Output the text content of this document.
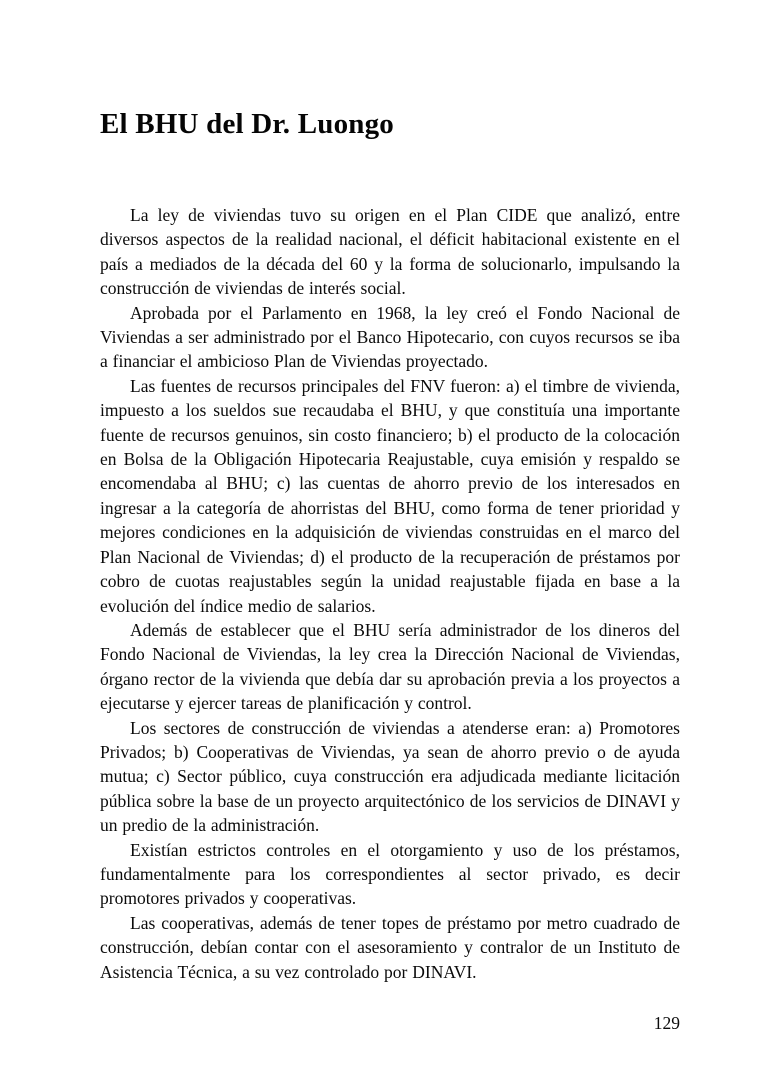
El BHU del Dr. Luongo

La ley de viviendas tuvo su origen en el Plan CIDE que analizó, entre diversos aspectos de la realidad nacional, el déficit habitacional existente en el país a mediados de la década del 60 y la forma de solucionarlo, impulsando la construcción de viviendas de interés social.

Aprobada por el Parlamento en 1968, la ley creó el Fondo Nacional de Viviendas a ser administrado por el Banco Hipotecario, con cuyos recursos se iba a financiar el ambicioso Plan de Viviendas proyectado.

Las fuentes de recursos principales del FNV fueron: a) el timbre de vivienda, impuesto a los sueldos sue recaudaba el BHU, y que constituía una importante fuente de recursos genuinos, sin costo financiero; b) el producto de la colocación en Bolsa de la Obligación Hipotecaria Reajustable, cuya emisión y respaldo se encomendaba al BHU; c) las cuentas de ahorro previo de los interesados en ingresar a la categoría de ahorristas del BHU, como forma de tener prioridad y mejores condiciones en la adquisición de viviendas construidas en el marco del Plan Nacional de Viviendas; d) el producto de la recuperación de préstamos por cobro de cuotas reajustables según la unidad reajustable fijada en base a la evolución del índice medio de salarios.

Además de establecer que el BHU sería administrador de los dineros del Fondo Nacional de Viviendas, la ley crea la Dirección Nacional de Viviendas, órgano rector de la vivienda que debía dar su aprobación previa a los proyectos a ejecutarse y ejercer tareas de planificación y control.

Los sectores de construcción de viviendas a atenderse eran: a) Promotores Privados; b) Cooperativas de Viviendas, ya sean de ahorro previo o de ayuda mutua; c) Sector público, cuya construcción era adjudicada mediante licitación pública sobre la base de un proyecto arquitectónico de los servicios de DINAVI y un predio de la administración.

Existían estrictos controles en el otorgamiento y uso de los préstamos, fundamentalmente para los correspondientes al sector privado, es decir promotores privados y cooperativas.

Las cooperativas, además de tener topes de préstamo por metro cuadrado de construcción, debían contar con el asesoramiento y contralor de un Instituto de Asistencia Técnica, a su vez controlado por DINAVI.

129
